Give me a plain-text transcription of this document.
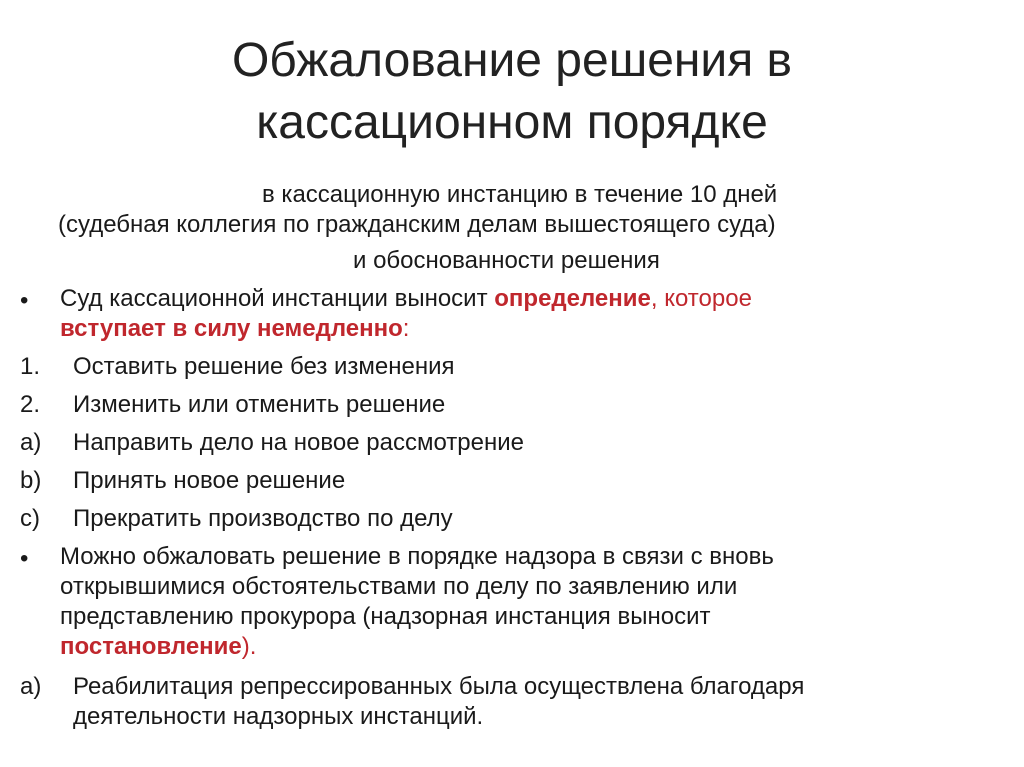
Обжалование решения в
кассационном порядке
в кассационную инстанцию в течение 10 дней
(судебная коллегия по гражданским делам вышестоящего суда)
и обоснованности решения
• Суд кассационной инстанции выносит определение, которое
вступает в силу немедленно:
1. Оставить решение без изменения
2. Изменить или отменить решение
a) Направить дело на новое рассмотрение
b) Принять новое решение
c) Прекратить производство по делу
• Можно обжаловать решение в порядке надзора в связи с вновь
открывшимися обстоятельствами по делу по заявлению или
представлению прокурора (надзорная инстанция выносит
постановление).
a) Реабилитация репрессированных была осуществлена благодаря
деятельности надзорных инстанций.
